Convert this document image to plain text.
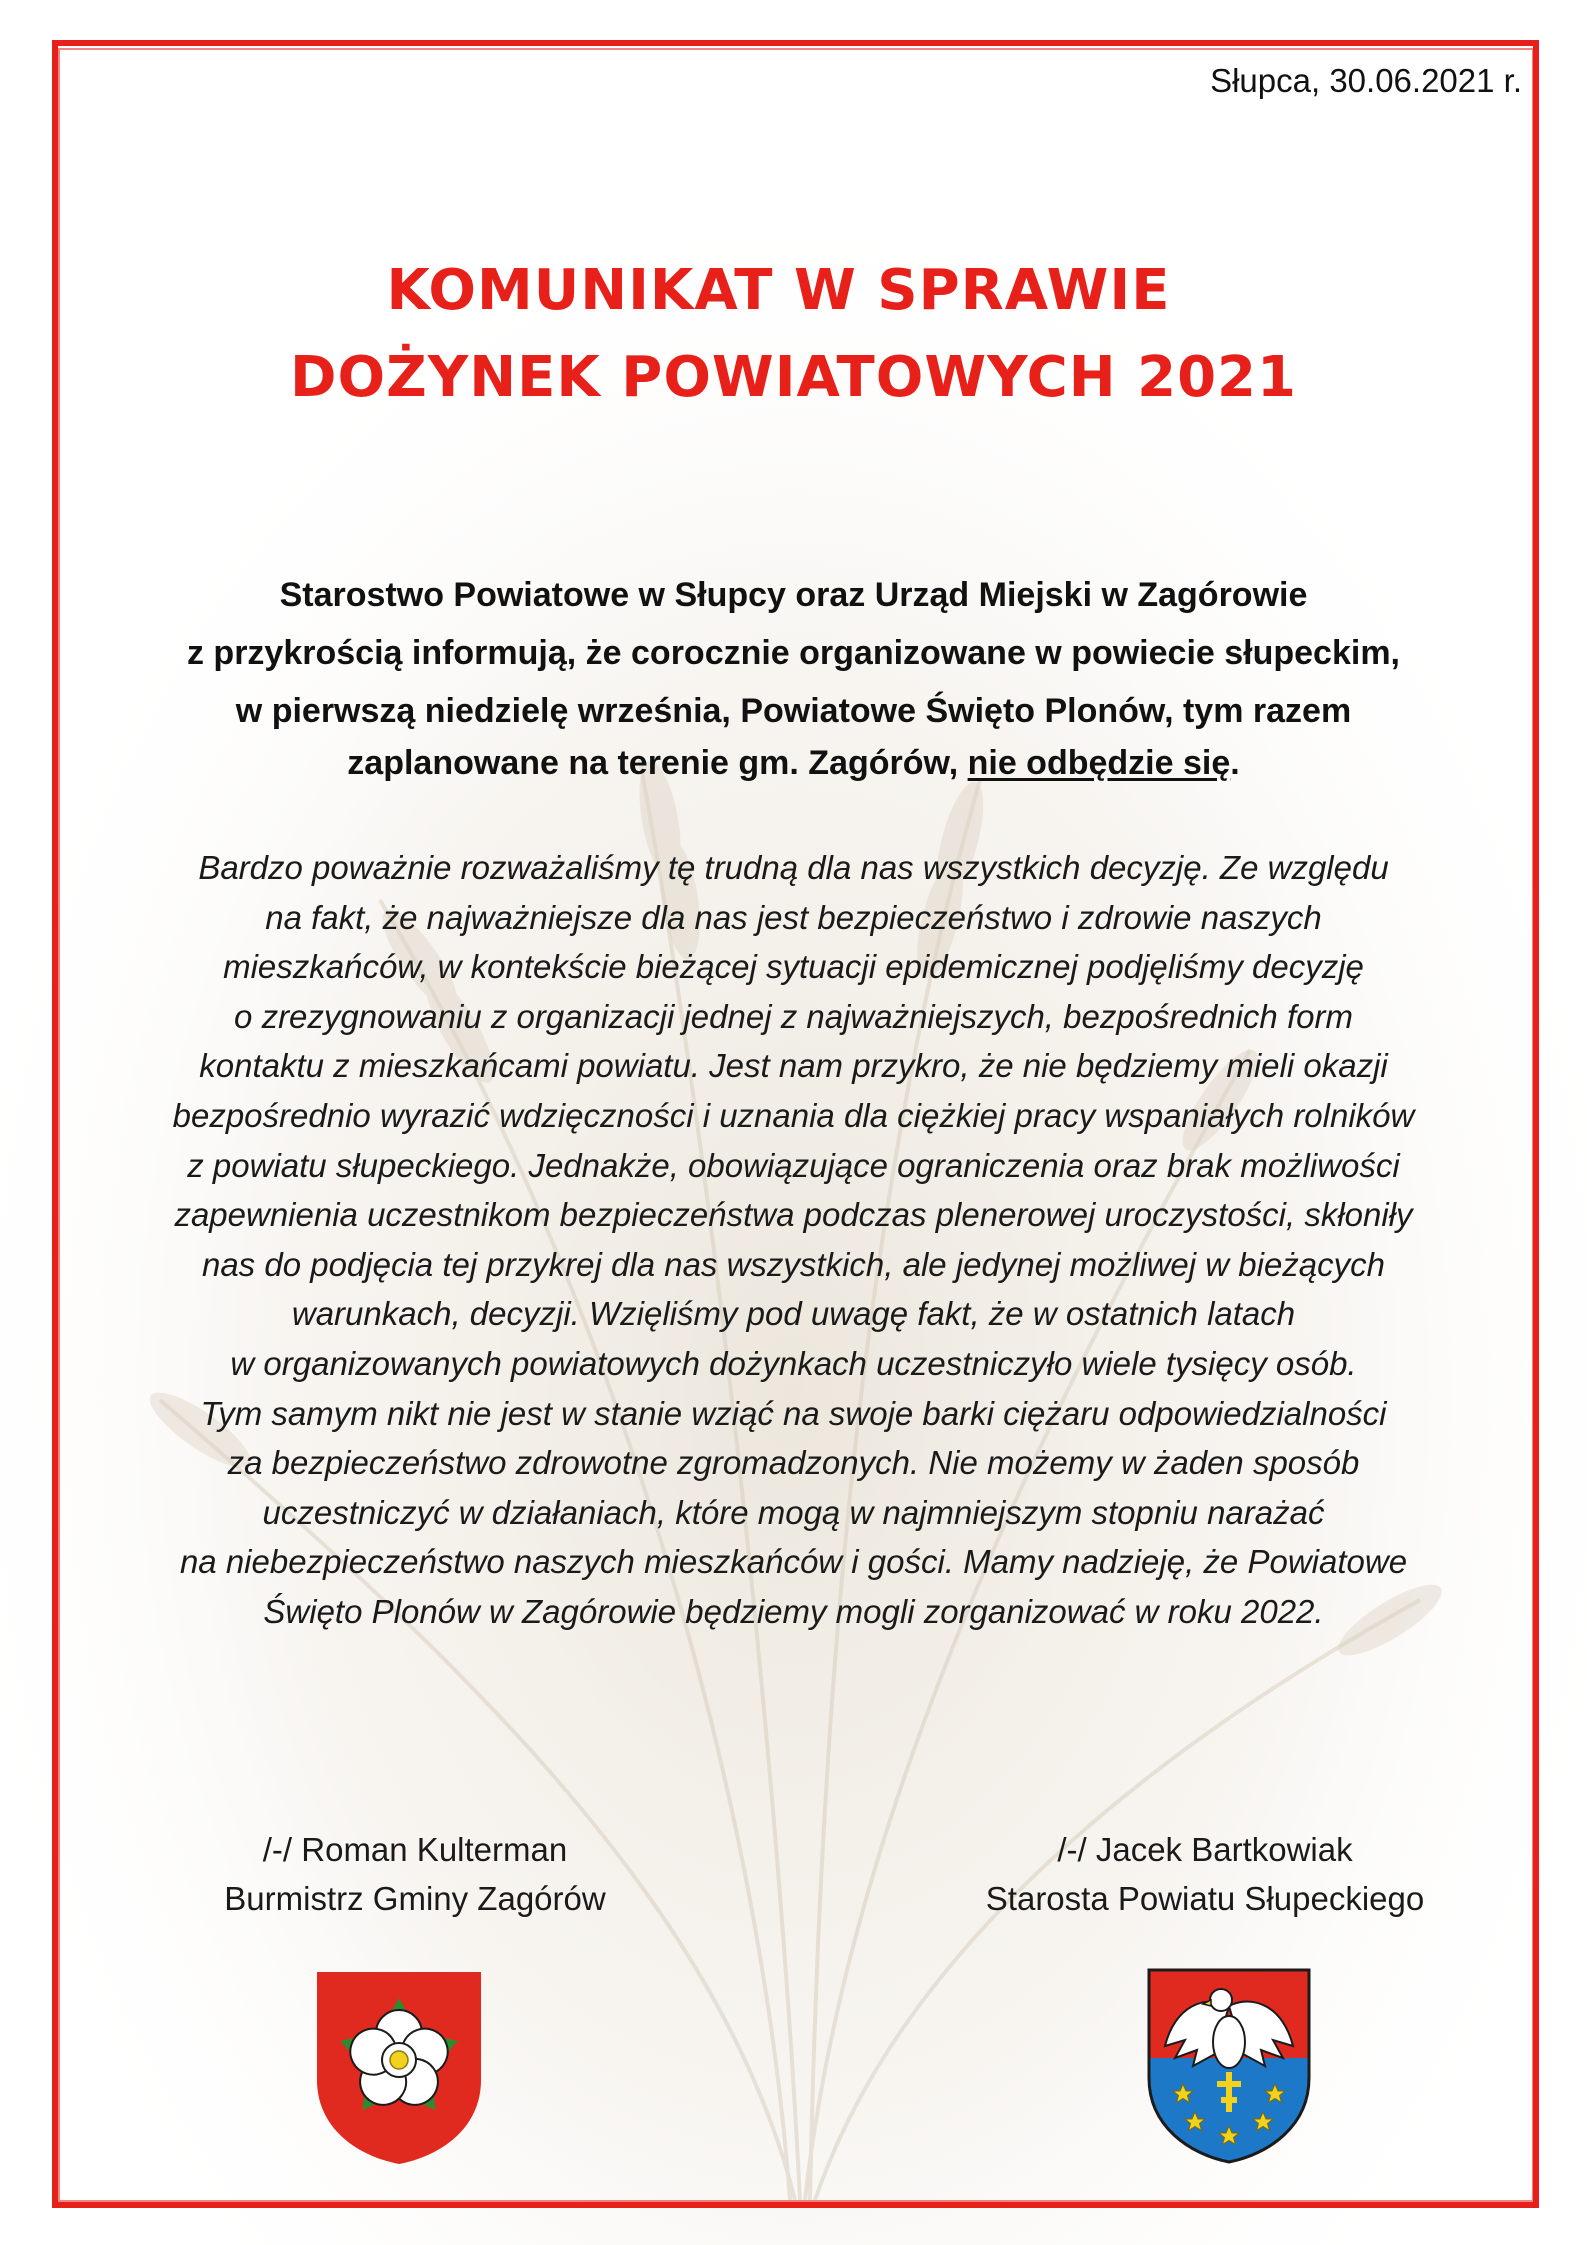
Słupca, 30.06.2021 r.
KOMUNIKAT W SPRAWIE
DOŻYNEK POWIATOWYCH 2021
Starostwo Powiatowe w Słupcy oraz Urząd Miejski w Zagórowie
z przykrością informują, że corocznie organizowane w powiecie słupeckim,
w pierwszą niedzielę września, Powiatowe Święto Plonów, tym razem
zaplanowane na terenie gm. Zagórów, nie odbędzie się.
Bardzo poważnie rozważaliśmy tę trudną dla nas wszystkich decyzję. Ze względu
na fakt, że najważniejsze dla nas jest bezpieczeństwo i zdrowie naszych
mieszkańców, w kontekście bieżącej sytuacji epidemicznej podjęliśmy decyzję
o zrezygnowaniu z organizacji jednej z najważniejszych, bezpośrednich form
kontaktu z mieszkańcami powiatu. Jest nam przykro, że nie będziemy mieli okazji
bezpośrednio wyrazić wdzięczności i uznania dla ciężkiej pracy wspaniałych rolników
z powiatu słupeckiego. Jednakże, obowiązujące ograniczenia oraz brak możliwości
zapewnienia uczestnikom bezpieczeństwa podczas plenerowej uroczystości, skłoniły
nas do podjęcia tej przykrej dla nas wszystkich, ale jedynej możliwej w bieżących
warunkach, decyzji. Wzięliśmy pod uwagę fakt, że w ostatnich latach
w organizowanych powiatowych dożynkach uczestniczyło wiele tysięcy osób.
Tym samym nikt nie jest w stanie wziąć na swoje barki ciężaru odpowiedzialności
za bezpieczeństwo zdrowotne zgromadzonych. Nie możemy w żaden sposób
uczestniczyć w działaniach, które mogą w najmniejszym stopniu narażać
na niebezpieczeństwo naszych mieszkańców i gości. Mamy nadzieję, że Powiatowe
Święto Plonów w Zagórowie będziemy mogli zorganizować w roku 2022.
/-/ Roman Kulterman
Burmistrz Gminy Zagórów
/-/ Jacek Bartkowiak
Starosta Powiatu Słupeckiego
